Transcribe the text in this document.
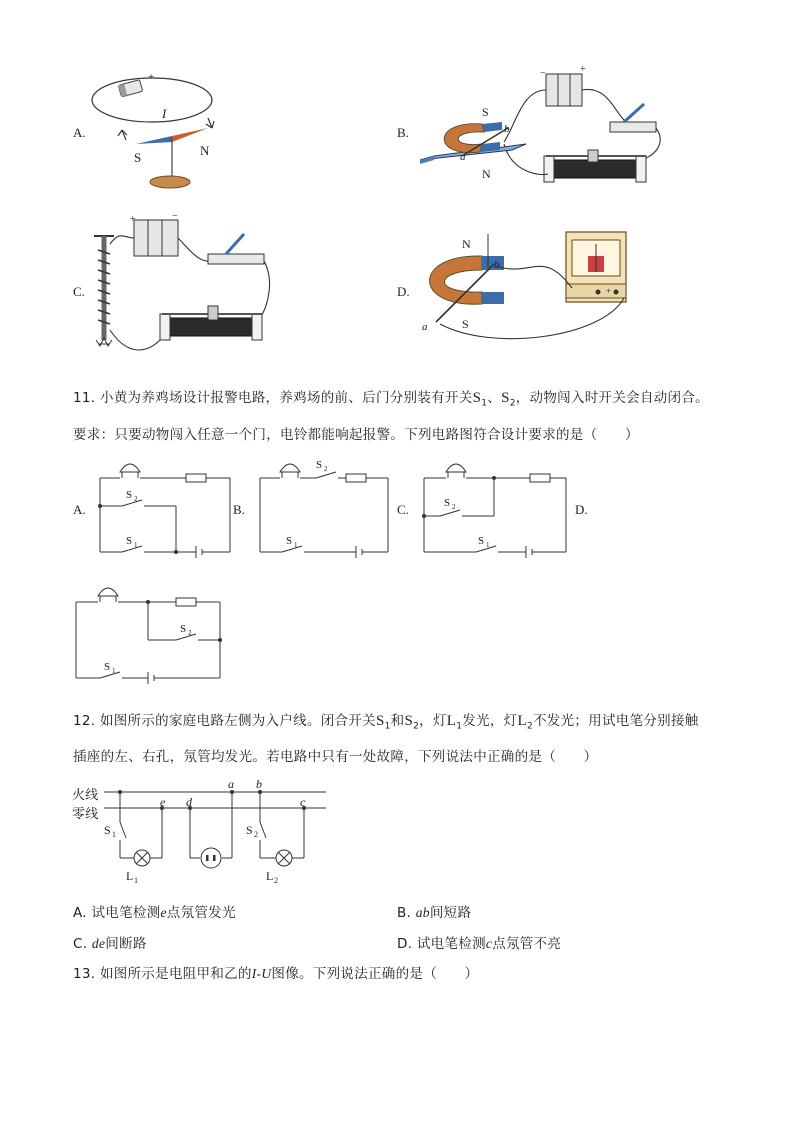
A.
+
I
S	N
B.
−	+
S
N
a
b
C.
+	−
D.
N
S
b
a
+
11. 小黄为养鸡场设计报警电路，养鸡场的前、后门分别装有开关$S_1$、$S_2$，动物闯入时开关会自动闭合。
要求：只要动物闯入任意一个门，电铃都能响起报警。下列电路图符合设计要求的是（　　）
A.
S 2
S 1
B.
S 2
S 1
C.	S 2
S 1
D.
S 2
S 1
12. 如图所示的家庭电路左侧为入户线。闭合开关$S_1$和$S_2$，灯$L_1$发光，灯$L_2$不发光；用试电笔分别接触
插座的左、右孔，氖管均发光。若电路中只有一处故障，下列说法中正确的是（　　）
火线
零线
e d
a b
c
S 1	S 2
L 1	L 2
A. 试电笔检测e点氖管发光	B. ab间短路
C. de间断路	D. 试电笔检测c点氖管不亮
13. 如图所示是电阻甲和乙的I-U图像。下列说法正确的是（　　）
